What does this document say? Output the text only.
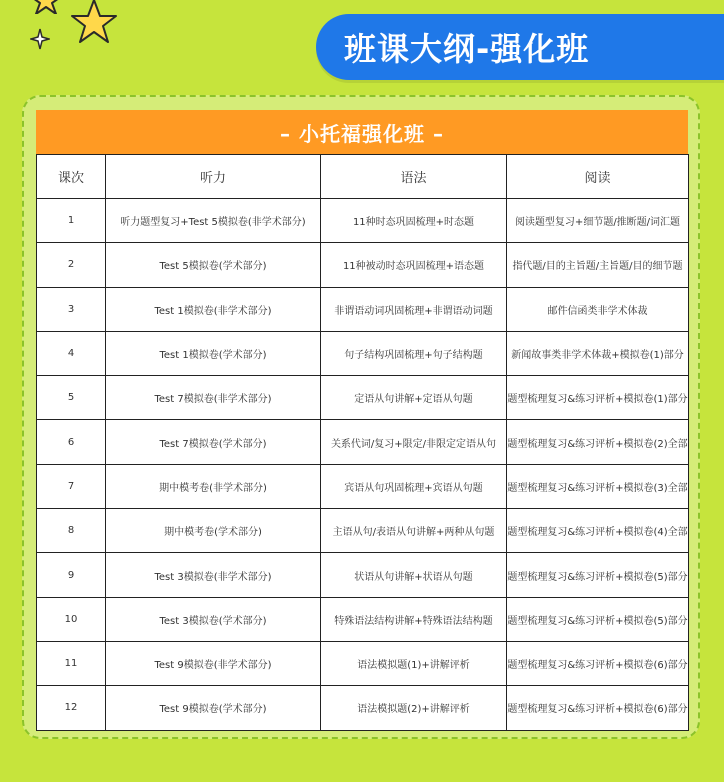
班课大纲-强化班
– 小托福强化班 –
课次	听力	语法	阅读
1	听力题型复习+Test 5模拟卷(非学术部分)	11种时态巩固梳理+时态题	阅读题型复习+细节题/推断题/词汇题
2	Test 5模拟卷(学术部分)	11种被动时态巩固梳理+语态题	指代题/目的主旨题/主旨题/目的细节题
3	Test 1模拟卷(非学术部分)	非谓语动词巩固梳理+非谓语动词题	邮件信函类非学术体裁
4	Test 1模拟卷(学术部分)	句子结构巩固梳理+句子结构题	新闻故事类非学术体裁+模拟卷(1)部分
5	Test 7模拟卷(非学术部分)	定语从句讲解+定语从句题	题型梳理复习&练习评析+模拟卷(1)部分
6	Test 7模拟卷(学术部分)	关系代词/复习+限定/非限定定语从句	题型梳理复习&练习评析+模拟卷(2)全部
7	期中模考卷(非学术部分)	宾语从句巩固梳理+宾语从句题	题型梳理复习&练习评析+模拟卷(3)全部
8	期中模考卷(学术部分)	主语从句/表语从句讲解+两种从句题	题型梳理复习&练习评析+模拟卷(4)全部
9	Test 3模拟卷(非学术部分)	状语从句讲解+状语从句题	题型梳理复习&练习评析+模拟卷(5)部分
10	Test 3模拟卷(学术部分)	特殊语法结构讲解+特殊语法结构题	题型梳理复习&练习评析+模拟卷(5)部分
11	Test 9模拟卷(非学术部分)	语法模拟题(1)+讲解评析	题型梳理复习&练习评析+模拟卷(6)部分
12	Test 9模拟卷(学术部分)	语法模拟题(2)+讲解评析	题型梳理复习&练习评析+模拟卷(6)部分
